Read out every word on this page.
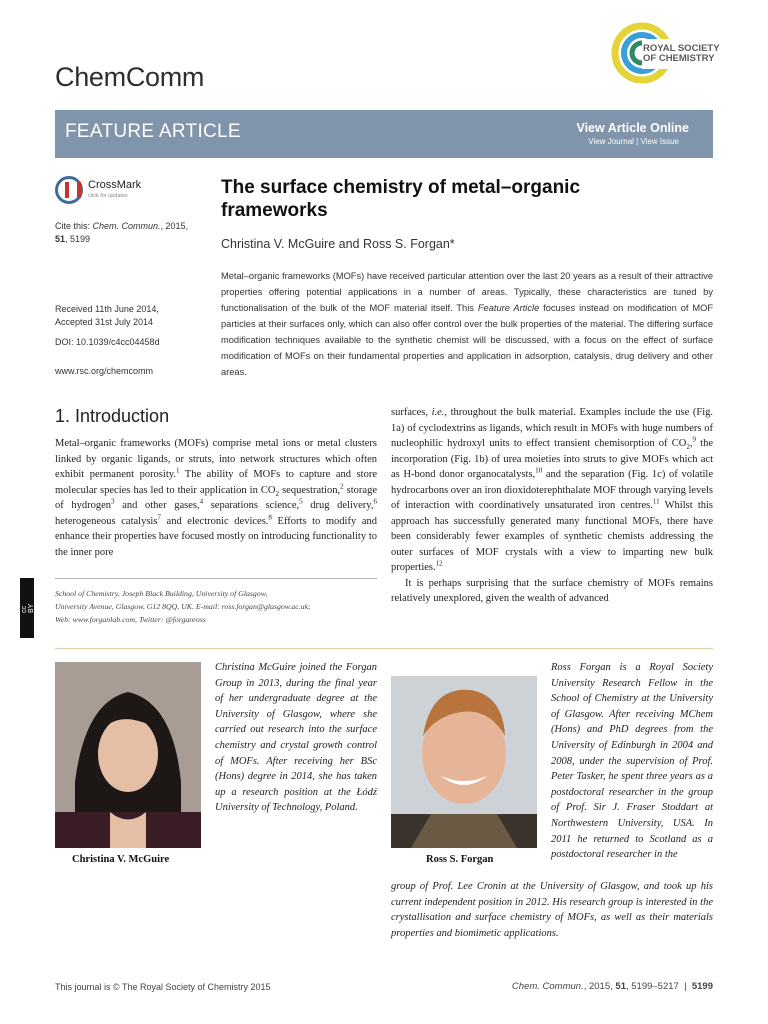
ChemComm
ROYAL SOCIETY
OF CHEMISTRY
FEATURE ARTICLE	View Article Online
View Journal | View Issue
CrossMark
click for updates
Cite this: Chem. Commun., 2015,
51, 5199
Received 11th June 2014,
Accepted 31st July 2014
DOI: 10.1039/c4cc04458d
www.rsc.org/chemcomm
The surface chemistry of metal–organic frameworks
Christina V. McGuire and Ross S. Forgan*
Metal–organic frameworks (MOFs) have received particular attention over the last 20 years as a result of their attractive properties offering potential applications in a number of areas. Typically, these characteristics are tuned by functionalisation of the bulk of the MOF material itself. This Feature Article focuses instead on modification of MOF particles at their surfaces only, which can also offer control over the bulk properties of the material. The differing surface modification techniques available to the synthetic chemist will be discussed, with a focus on the effect of surface modification of MOFs on their fundamental properties and application in adsorption, catalysis, drug delivery and other areas.
1. Introduction
Metal–organic frameworks (MOFs) comprise metal ions or metal clusters linked by organic ligands, or struts, into network structures which often exhibit permanent porosity.$^1$ The ability of MOFs to capture and store molecular species has led to their application in $CO_2$ sequestration,$^2$ storage of hydrogen$^3$ and other gases,$^4$ separations science,$^5$ drug delivery,$^6$ heterogeneous catalysis$^7$ and electronic devices.$^8$ Efforts to modify and enhance their properties have focused mostly on introducing functionality to the inner pore
surfaces, i.e., throughout the bulk material. Examples include the use (Fig. 1a) of cyclodextrins as ligands, which result in MOFs with huge numbers of nucleophilic hydroxyl units to effect transient chemisorption of $CO_2,^9$ the incorporation (Fig. 1b) of urea moieties into struts to give MOFs which act as H-bond donor organocatalysts,$^{10}$ and the separation (Fig. 1c) of volatile hydrocarbons over an iron dioxidoterephthalate MOF through varying levels of interaction with coordinatively unsaturated iron centres.$^{11}$ Whilst this approach has successfully generated many functional MOFs, there have been considerably fewer examples of synthetic chemists addressing the outer surfaces of MOF crystals with a view to imparting new bulk properties.$^{12}$
It is perhaps surprising that the surface chemistry of MOFs remains relatively unexplored, given the wealth of advanced
School of Chemistry, Joseph Black Building, University of Glasgow,
University Avenue, Glasgow, G12 8QQ, UK. E-mail: ross.forgan@glasgow.ac.uk;
Web: www.forganlab.com, Twitter: @forganross
cc BY
Christina V. McGuire
Christina McGuire joined the Forgan Group in 2013, during the final year of her undergraduate degree at the University of Glasgow, where she carried out research into the surface chemistry and crystal growth control of MOFs. After receiving her BSc (Hons) degree in 2014, she has taken up a research position at the Łódź University of Technology, Poland.
Ross S. Forgan
Ross Forgan is a Royal Society University Research Fellow in the School of Chemistry at the University of Glasgow. After receiving MChem (Hons) and PhD degrees from the University of Edinburgh in 2004 and 2008, under the supervision of Prof. Peter Tasker, he spent three years as a postdoctoral researcher in the group of Prof. Sir J. Fraser Stoddart at Northwestern University, USA. In 2011 he returned to Scotland as a postdoctoral researcher in the
group of Prof. Lee Cronin at the University of Glasgow, and took up his current independent position in 2012. His research group is interested in the crystallisation and surface chemistry of MOFs, as well as their materials properties and biomimetic applications.
This journal is © The Royal Society of Chemistry 2015	Chem. Commun., 2015, 51, 5199–5217 | 5199
